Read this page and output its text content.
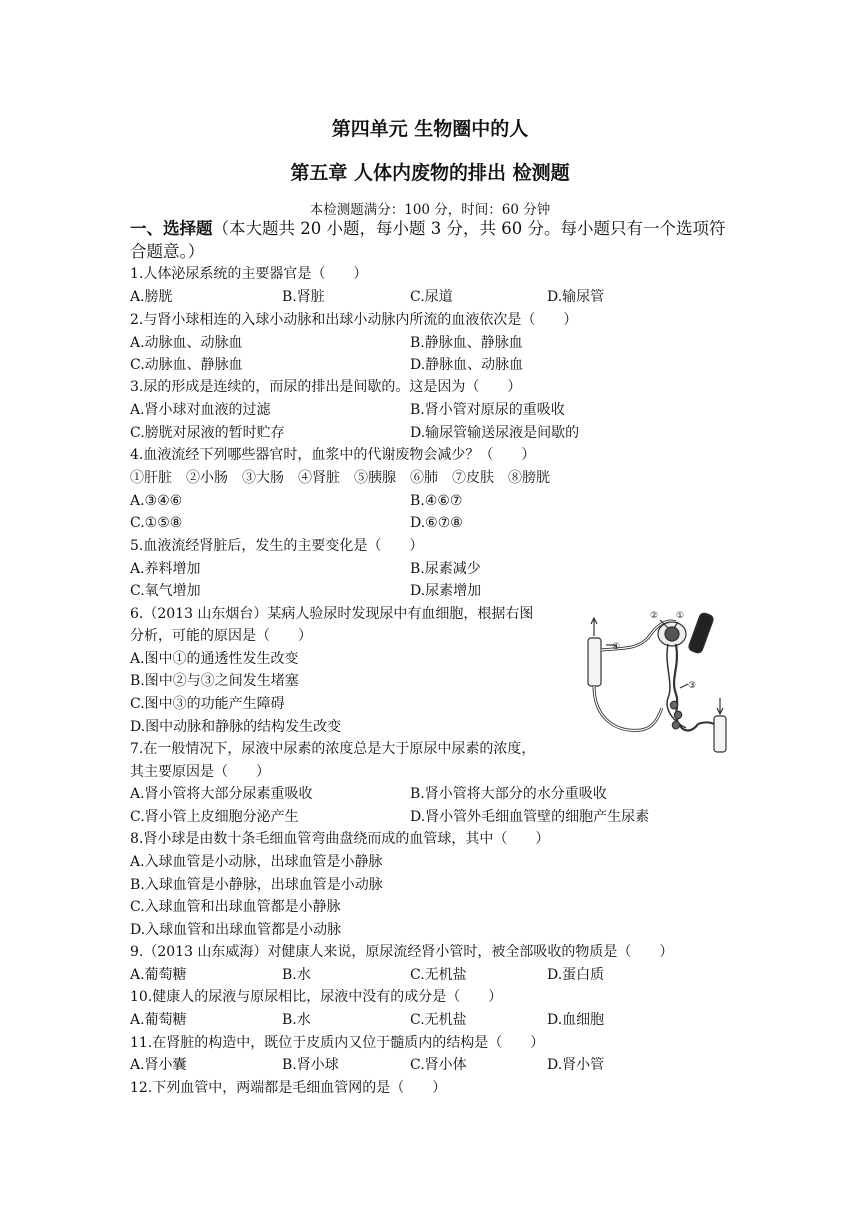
第四单元 生物圈中的人
第五章 人体内废物的排出 检测题
本检测题满分：100 分，时间：60 分钟
一、选择题（本大题共 20 小题，每小题 3 分，共 60 分。每小题只有一个选项符合题意。）
1.人体泌尿系统的主要器官是（　　）
A.膀胱	B.肾脏	C.尿道	D.输尿管
2.与肾小球相连的入球小动脉和出球小动脉内所流的血液依次是（　　）
A.动脉血、动脉血	B.静脉血、静脉血
C.动脉血、静脉血	D.静脉血、动脉血
3.尿的形成是连续的，而尿的排出是间歇的。这是因为（　　）
A.肾小球对血液的过滤	B.肾小管对原尿的重吸收
C.膀胱对尿液的暂时贮存	D.输尿管输送尿液是间歇的
4.血液流经下列哪些器官时，血浆中的代谢废物会减少？（　　）
①肝脏　②小肠　③大肠　④肾脏　⑤胰腺　⑥肺　⑦皮肤　⑧膀胱
A.③④⑥	B.④⑥⑦
C.①⑤⑧	D.⑥⑦⑧
5.血液流经肾脏后，发生的主要变化是（　　）
A.养料增加	B.尿素减少
C.氧气增加	D.尿素增加
6.（2013 山东烟台）某病人验尿时发现尿中有血细胞，根据右图
分析，可能的原因是（　　）
A.图中①的通透性发生改变
B.图中②与③之间发生堵塞
C.图中③的功能产生障碍
D.图中动脉和静脉的结构发生改变
④
② ①
③
7.在一般情况下，尿液中尿素的浓度总是大于原尿中尿素的浓度，
其主要原因是（　　）
A.肾小管将大部分尿素重吸收	B.肾小管将大部分的水分重吸收
C.肾小管上皮细胞分泌产生	D.肾小管外毛细血管壁的细胞产生尿素
8.肾小球是由数十条毛细血管弯曲盘绕而成的血管球，其中（　　）
A.入球血管是小动脉，出球血管是小静脉
B.入球血管是小静脉，出球血管是小动脉
C.入球血管和出球血管都是小静脉
D.入球血管和出球血管都是小动脉
9.（2013 山东威海）对健康人来说，原尿流经肾小管时，被全部吸收的物质是（　　）
A.葡萄糖	B.水	C.无机盐	D.蛋白质
10.健康人的尿液与原尿相比，尿液中没有的成分是（　　）
A.葡萄糖	B.水	C.无机盐	D.血细胞
11.在肾脏的构造中，既位于皮质内又位于髓质内的结构是（　　）
A.肾小囊	B.肾小球	C.肾小体	D.肾小管
12.下列血管中，两端都是毛细血管网的是（　　）
